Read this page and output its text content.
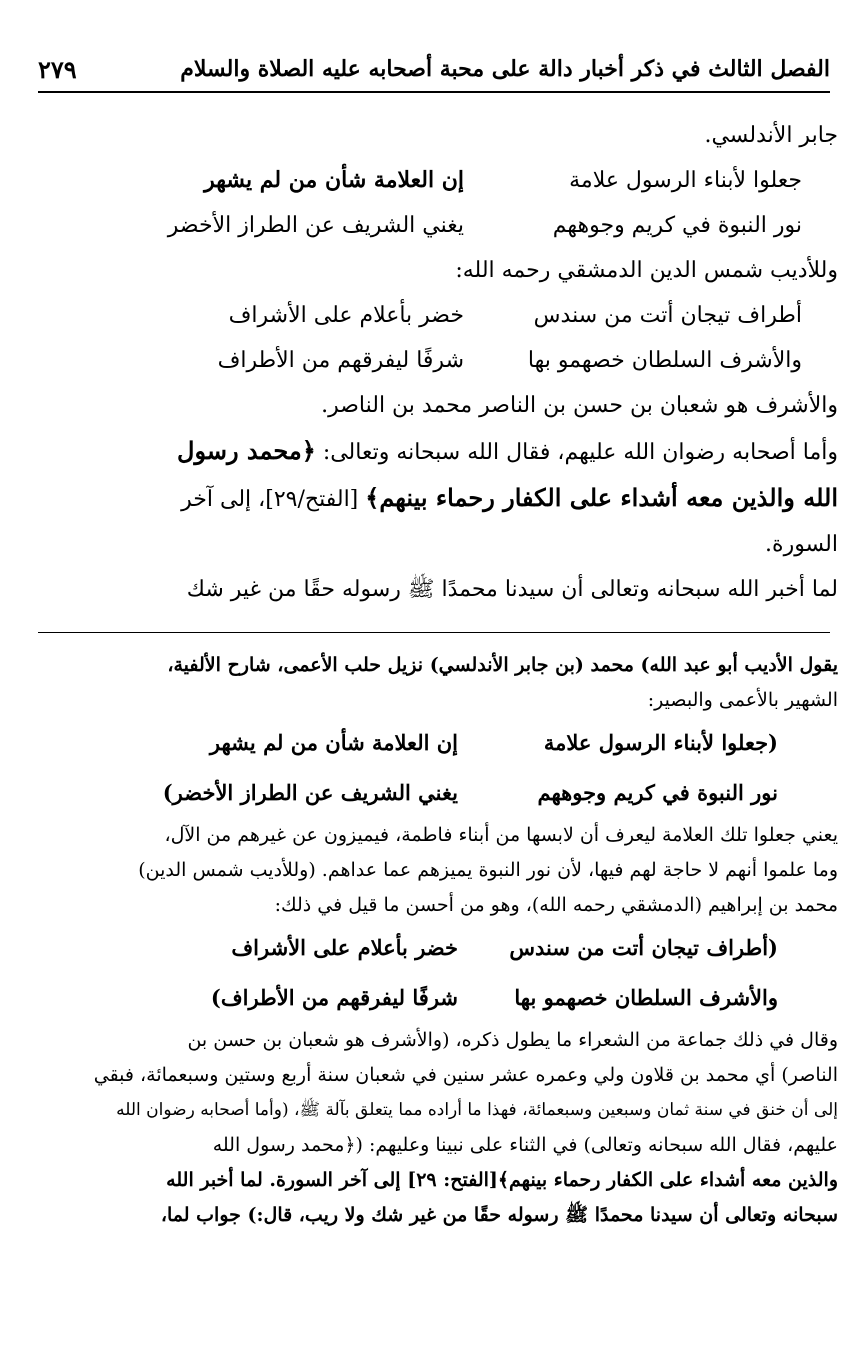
الفصل الثالث في ذكر أخبار دالة على محبة أصحابه عليه الصلاة والسلام
٢٧٩

جابر الأندلسي.

جعلوا لأبناء الرسول علامة
إن العلامة شأن من لم يشهر
نور النبوة في كريم وجوههم
يغني الشريف عن الطراز الأخضر

وللأديب شمس الدين الدمشقي رحمه الله:

أطراف تيجان أتت من سندس
خضر بأعلام على الأشراف
والأشرف السلطان خصهمو بها
شرفًا ليفرقهم من الأطراف

والأشرف هو شعبان بن حسن بن الناصر محمد بن الناصر.

وأما أصحابه رضوان الله عليهم، فقال الله سبحانه وتعالى: ﴿محمد رسول

الله والذين معه أشداء على الكفار رحماء بينهم﴾ [الفتح/٢٩]، إلى آخر

السورة.

لما أخبر الله سبحانه وتعالى أن سيدنا محمدًا ﷺ رسوله حقًا من غير شك

يقول الأديب أبو عبد الله) محمد (بن جابر الأندلسي) نزيل حلب الأعمى، شارح الألفية،

الشهير بالأعمى والبصير:

(جعلوا لأبناء الرسول علامة
إن العلامة شأن من لم يشهر
نور النبوة في كريم وجوههم
يغني الشريف عن الطراز الأخضر)

يعني جعلوا تلك العلامة ليعرف أن لابسها من أبناء فاطمة، فيميزون عن غيرهم من الآل،

وما علموا أنهم لا حاجة لهم فيها، لأن نور النبوة يميزهم عما عداهم. (وللأديب شمس الدين)

محمد بن إبراهيم (الدمشقي رحمه الله)، وهو من أحسن ما قيل في ذلك:

(أطراف تيجان أتت من سندس
خضر بأعلام على الأشراف
والأشرف السلطان خصهمو بها
شرفًا ليفرقهم من الأطراف)

وقال في ذلك جماعة من الشعراء ما يطول ذكره، (والأشرف هو شعبان بن حسن بن

الناصر) أي محمد بن قلاون ولي وعمره عشر سنين في شعبان سنة أربع وستين وسبعمائة، فبقي

إلى أن خنق في سنة ثمان وسبعين وسبعمائة، فهذا ما أراده مما يتعلق بآلة ﷺ، (وأما أصحابه رضوان الله

عليهم، فقال الله سبحانه وتعالى) في الثناء على نبينا وعليهم: (﴿محمد رسول الله

والذين معه أشداء على الكفار رحماء بينهم﴾[الفتح: ٢٩] إلى آخر السورة. لما أخبر الله

سبحانه وتعالى أن سيدنا محمدًا ﷺ رسوله حقًا من غير شك ولا ريب، قال:) جواب لما،
